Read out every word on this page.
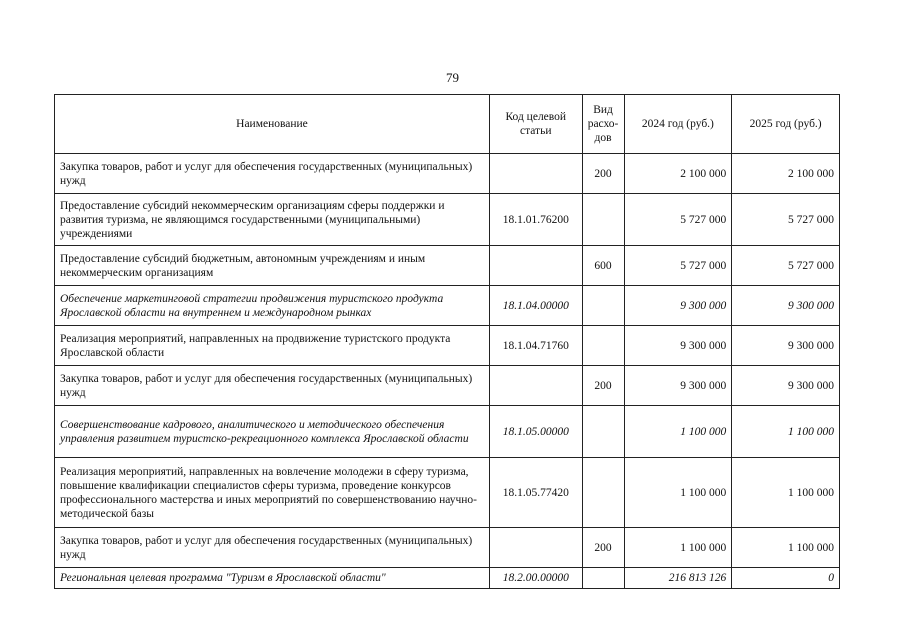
79
Наименование	Код целевой статьи	Вид расхо-дов	2024 год (руб.)	2025 год (руб.)
Закупка товаров, работ и услуг для обеспечения государственных (муниципальных) нужд		200	2 100 000	2 100 000
Предоставление субсидий некоммерческим организациям сферы поддержки и развития туризма, не являющимся государственными (муниципальными) учреждениями	18.1.01.76200		5 727 000	5 727 000
Предоставление субсидий бюджетным, автономным учреждениям и иным некоммерческим организациям		600	5 727 000	5 727 000
Обеспечение маркетинговой стратегии продвижения туристского продукта Ярославской области на внутреннем и международном рынках	18.1.04.00000		9 300 000	9 300 000
Реализация мероприятий, направленных на продвижение туристского продукта Ярославской области	18.1.04.71760		9 300 000	9 300 000
Закупка товаров, работ и услуг для обеспечения государственных (муниципальных) нужд		200	9 300 000	9 300 000
Совершенствование кадрового, аналитического и методического обеспечения управления развитием туристско-рекреационного комплекса Ярославской области	18.1.05.00000		1 100 000	1 100 000
Реализация мероприятий, направленных на вовлечение молодежи в сферу туризма, повышение квалификации специалистов сферы туризма, проведение конкурсов профессионального мастерства и иных мероприятий по совершенствованию научно-методической базы	18.1.05.77420		1 100 000	1 100 000
Закупка товаров, работ и услуг для обеспечения государственных (муниципальных) нужд		200	1 100 000	1 100 000
Региональная целевая программа "Туризм в Ярославской области"	18.2.00.00000		216 813 126	0
